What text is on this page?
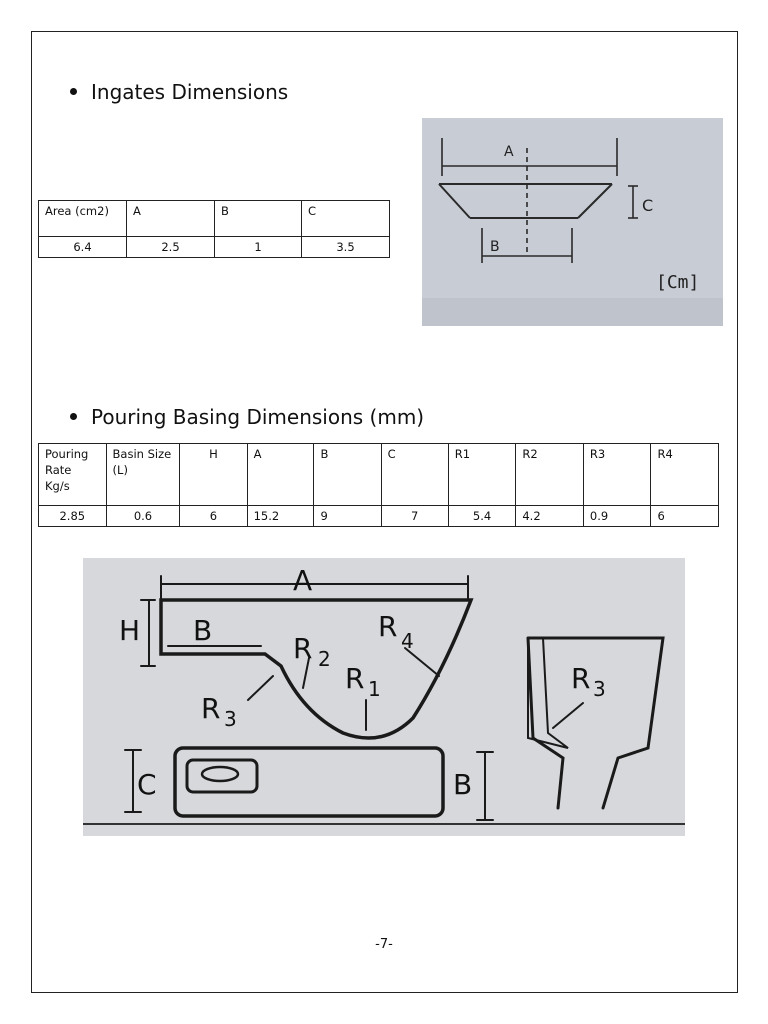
Ingates Dimensions
Area (cm2)	A	B	C
6.4	2.5	1	3.5
A
B
C
[Cm]
Pouring Basing Dimensions (mm)
Pouring Rate Kg/s	Basin Size (L)	H	A	B	C	R1	R2	R3	R4
2.85	0.6	6	15.2	9	7	5.4	4.2	0.9	6
A
H B
R 2
R 4
R 1
R 3
C	B
R 3
-7-
